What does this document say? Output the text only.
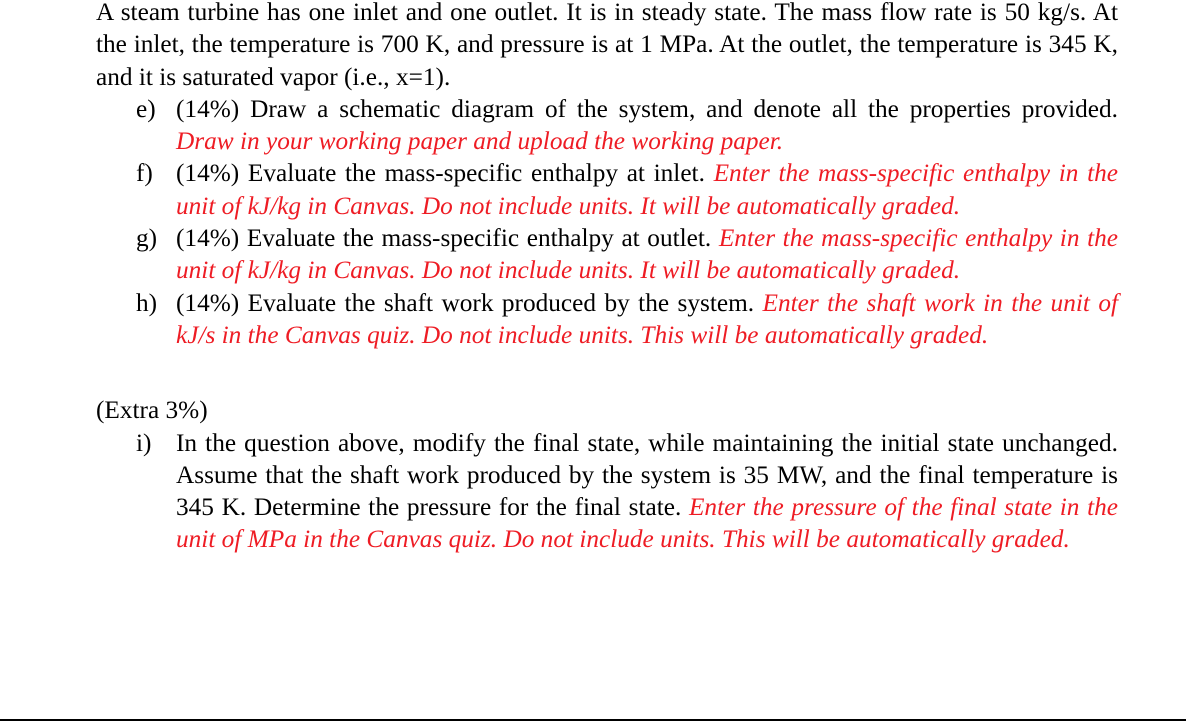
A steam turbine has one inlet and one outlet. It is in steady state. The mass flow rate is 50 kg/s. At the inlet, the temperature is 700 K, and pressure is at 1 MPa. At the outlet, the temperature is 345 K, and it is saturated vapor (i.e., x=1).

e) (14%) Draw a schematic diagram of the system, and denote all the properties provided. Draw in your working paper and upload the working paper.
f) (14%) Evaluate the mass-specific enthalpy at inlet. Enter the mass-specific enthalpy in the unit of kJ/kg in Canvas. Do not include units. It will be automatically graded.
g) (14%) Evaluate the mass-specific enthalpy at outlet. Enter the mass-specific enthalpy in the unit of kJ/kg in Canvas. Do not include units. It will be automatically graded.
h) (14%) Evaluate the shaft work produced by the system. Enter the shaft work in the unit of kJ/s in the Canvas quiz. Do not include units. This will be automatically graded.

(Extra 3%)

i) In the question above, modify the final state, while maintaining the initial state unchanged. Assume that the shaft work produced by the system is 35 MW, and the final temperature is 345 K. Determine the pressure for the final state. Enter the pressure of the final state in the unit of MPa in the Canvas quiz. Do not include units. This will be automatically graded.
